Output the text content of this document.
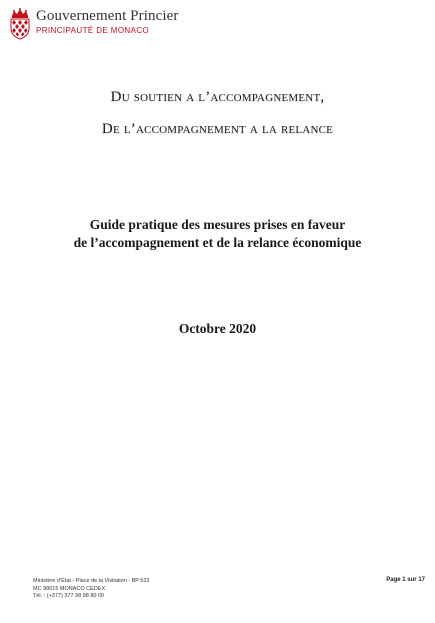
Gouvernement Princier
PRINCIPAUTÉ DE MONACO
Du soutien a l’accompagnement,
De l’accompagnement a la relance
Guide pratique des mesures prises en faveur
de l’accompagnement et de la relance économique
Octobre 2020
Ministère d’État - Place de la Visitation - BP 522
MC 98015 MONACO CEDEX
Tél. : (+377) 377 98 98 80 00
Page 1 sur 17
